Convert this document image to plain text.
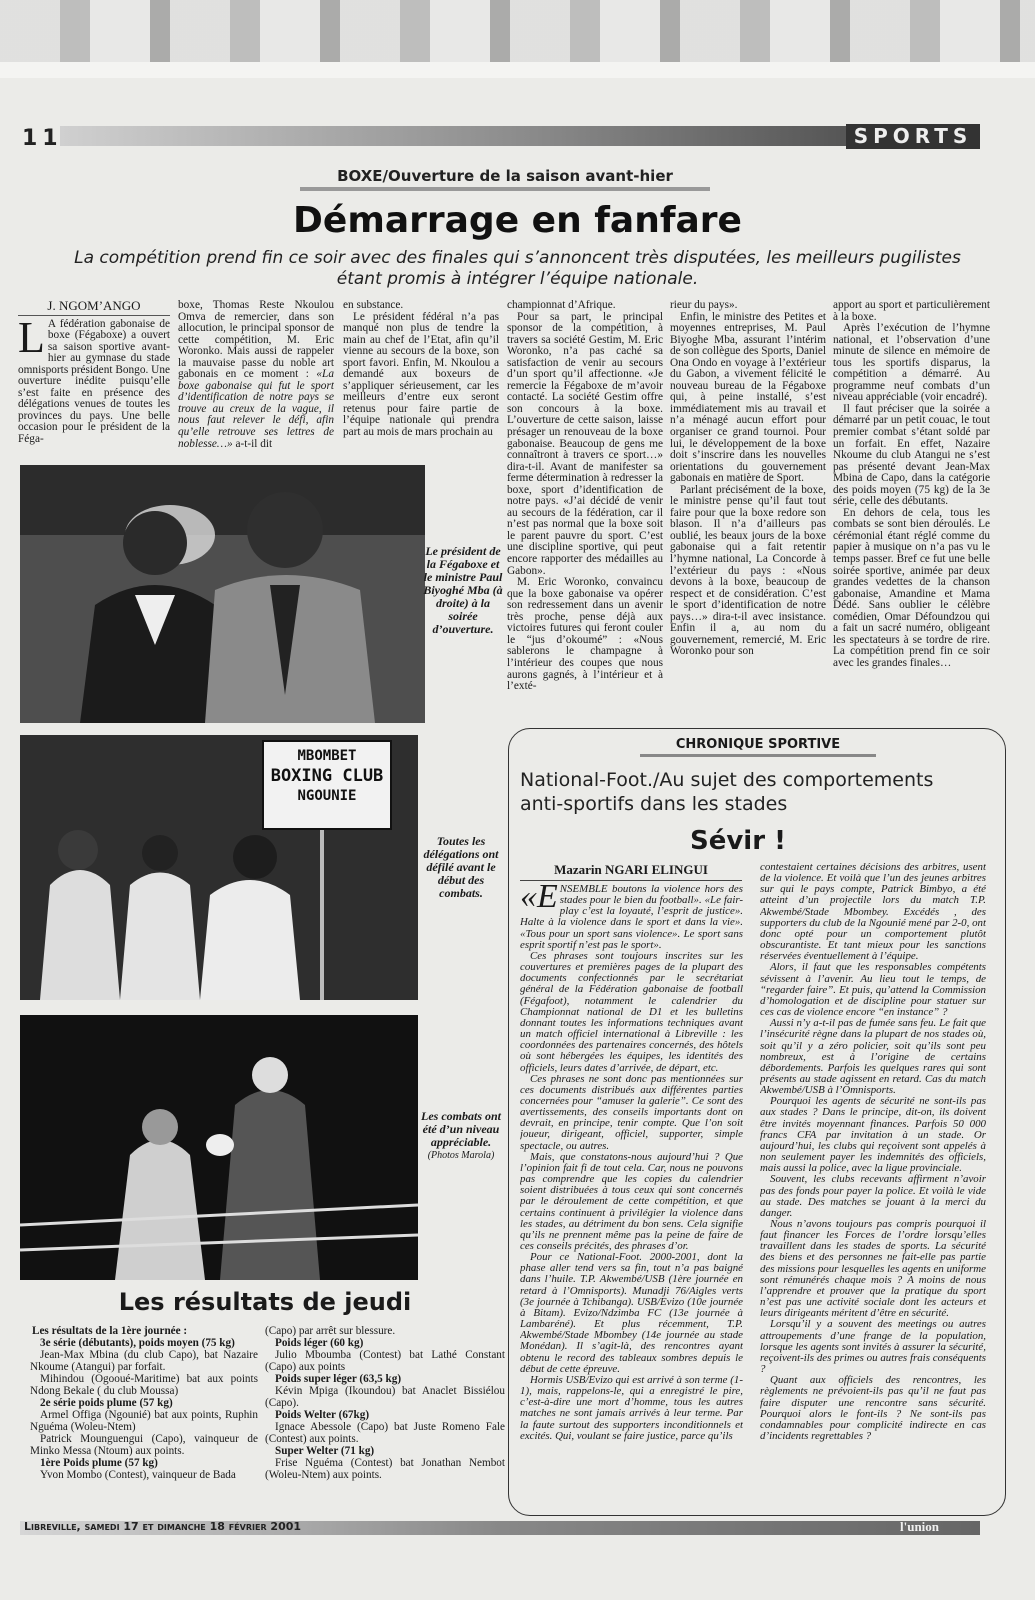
11	SPORTS
BOXE/Ouverture de la saison avant-hier
Démarrage en fanfare
La compétition prend fin ce soir avec des finales qui s’annoncent très disputées, les meilleurs pugilistes étant promis à intégrer l’équipe nationale.
J. NGOM’ANGO
L A fédération gabonaise de boxe (Fégaboxe) a ouvert sa saison sportive avant-hier au gymnase du stade omnisports président Bongo. Une ouverture inédite puisqu’elle s’est faite en présence des délégations venues de toutes les provinces du pays. Une belle occasion pour le président de la Féga-

boxe, Thomas Reste Nkoulou Omva de remercier, dans son allocution, le principal sponsor de cette compétition, M. Eric Woronko. Mais aussi de rappeler la mauvaise passe du noble art gabonais en ce moment : «La boxe gabonaise qui fut le sport d’identification de notre pays se trouve au creux de la vague, il nous faut relever le défi, afin qu’elle retrouve ses lettres de noblesse…» a-t-il dit

en substance.

Le président fédéral n’a pas manqué non plus de tendre la main au chef de l’Etat, afin qu’il vienne au secours de la boxe, son sport favori. Enfin, M. Nkoulou a demandé aux boxeurs de s’appliquer sérieusement, car les meilleurs d’entre eux seront retenus pour faire partie de l’équipe nationale qui prendra part au mois de mars prochain au

championnat d’Afrique.

Pour sa part, le principal sponsor de la compétition, à travers sa société Gestim, M. Eric Woronko, n’a pas caché sa satisfaction de venir au secours d’un sport qu’il affectionne. «Je remercie la Fégaboxe de m’avoir contacté. La société Gestim offre son concours à la boxe. L’ouverture de cette saison, laisse présager un renouveau de la boxe gabonaise. Beaucoup de gens me connaîtront à travers ce sport…» dira-t-il. Avant de manifester sa ferme détermination à redresser la boxe, sport d’identification de notre pays. «J’ai décidé de venir au secours de la fédération, car il n’est pas normal que la boxe soit le parent pauvre du sport. C’est une discipline sportive, qui peut encore rapporter des médailles au Gabon».

M. Eric Woronko, convaincu que la boxe gabonaise va opérer son redressement dans un avenir très proche, pense déjà aux victoires futures qui feront couler le “jus d’okoumé” : «Nous sablerons le champagne à l’intérieur des coupes que nous aurons gagnés, à l’intérieur et à l’exté-

rieur du pays».

Enfin, le ministre des Petites et moyennes entreprises, M. Paul Biyoghe Mba, assurant l’intérim de son collègue des Sports, Daniel Ona Ondo en voyage à l’extérieur du Gabon, a vivement félicité le nouveau bureau de la Fégaboxe qui, à peine installé, s’est immédiatement mis au travail et n’a ménagé aucun effort pour organiser ce grand tournoi. Pour lui, le développement de la boxe doit s’inscrire dans les nouvelles orientations du gouvernement gabonais en matière de Sport.

Parlant précisément de la boxe, le ministre pense qu’il faut tout faire pour que la boxe redore son blason. Il n’a d’ailleurs pas oublié, les beaux jours de la boxe gabonaise qui a fait retentir l’hymne national, La Concorde à l’extérieur du pays : «Nous devons à la boxe, beaucoup de respect et de considération. C’est le sport d’identification de notre pays…» dira-t-il avec insistance. Enfin il a, au nom du gouvernement, remercié, M. Eric Woronko pour son

apport au sport et particulièrement à la boxe.

Après l’exécution de l’hymne national, et l’observation d’une minute de silence en mémoire de tous les sportifs disparus, la compétition a démarré. Au programme neuf combats d’un niveau appréciable (voir encadré).

Il faut préciser que la soirée a démarré par un petit couac, le tout premier combat s’étant soldé par un forfait. En effet, Nazaire Nkoume du club Atangui ne s’est pas présenté devant Jean-Max Mbina de Capo, dans la catégorie des poids moyen (75 kg) de la 3e série, celle des débutants.

En dehors de cela, tous les combats se sont bien déroulés. Le cérémonial étant réglé comme du papier à musique on n’a pas vu le temps passer. Bref ce fut une belle soirée sportive, animée par deux grandes vedettes de la chanson gabonaise, Amandine et Mama Dédé. Sans oublier le célèbre comédien, Omar Défoundzou qui a fait un sacré numéro, obligeant les spectateurs à se tordre de rire. La compétition prend fin ce soir avec les grandes finales…

Le président de la Fégaboxe et le ministre Paul Biyoghé Mba (à droite) à la soirée d’ouverture.
MBOMBET
BOXING CLUB
NGOUNIE
Toutes les délégations ont défilé avant le début des combats.
Les combats ont été d’un niveau appréciable.
(Photos Marola)
Les résultats de jeudi
Les résultats de la 1ère journée :
3e série (débutants), poids moyen (75 kg)
Jean-Max Mbina (du club Capo), bat Nazaire Nkoume (Atangui) par forfait.
Mihindou (Ogooué-Maritime) bat aux points Ndong Bekale ( du club Moussa)
2e série poids plume (57 kg)
Armel Offiga (Ngounié) bat aux points, Ruphin Nguéma (Woleu-Ntem)
Patrick Mounguengui (Capo), vainqueur de Minko Messa (Ntoum) aux points.
1ère Poids plume (57 kg)
Yvon Mombo (Contest), vainqueur de Bada
(Capo) par arrêt sur blessure.
Poids léger (60 kg)
Julio Mboumba (Contest) bat Lathé Constant (Capo) aux points
Poids super léger (63,5 kg)
Kévin Mpiga (Ikoundou) bat Anaclet Bissiélou (Capo).
Poids Welter (67kg)
Ignace Abessole (Capo) bat Juste Romeno Fale (Contest) aux points.
Super Welter (71 kg)
Frise Nguéma (Contest) bat Jonathan Nembot (Woleu-Ntem) aux points.
CHRONIQUE SPORTIVE
National-Foot./Au sujet des comportements anti-sportifs dans les stades
Sévir !
Mazarin NGARI ELINGUI

«E NSEMBLE boutons la violence hors des stades pour le bien du football». «Le fair-play c’est la loyauté, l’esprit de justice». Halte à la violence dans le sport et dans la vie». «Tous pour un sport sans violence». Le sport sans esprit sportif n’est pas le sport».

Ces phrases sont toujours inscrites sur les couvertures et premières pages de la plupart des documents confectionnés par le secrétariat général de la Fédération gabonaise de football (Fégafoot), notamment le calendrier du Championnat national de D1 et les bulletins donnant toutes les informations techniques avant un match officiel international à Libreville : les coordonnées des partenaires concernés, des hôtels où sont hébergées les équipes, les identités des officiels, leurs dates d’arrivée, de départ, etc.

Ces phrases ne sont donc pas mentionnées sur ces documents distribués aux différentes parties concernées pour “amuser la galerie”. Ce sont des avertissements, des conseils importants dont on devrait, en principe, tenir compte. Que l’on soit joueur, dirigeant, officiel, supporter, simple spectacle, ou autres.

Mais, que constatons-nous aujourd’hui ? Que l’opinion fait fi de tout cela. Car, nous ne pouvons pas comprendre que les copies du calendrier soient distribuées à tous ceux qui sont concernés par le déroulement de cette compétition, et que certains continuent à privilégier la violence dans les stades, au détriment du bon sens. Cela signifie qu’ils ne prennent même pas la peine de faire de ces conseils précités, des phrases d’or.

Pour ce National-Foot. 2000-2001, dont la phase aller tend vers sa fin, tout n’a pas baigné dans l’huile. T.P. Akwembé/USB (1ère journée en retard à l’Omnisports). Munadji 76/Aigles verts (3e journée à Tchibanga). USB/Evizo (10e journée à Bitam). Evizo/Ndzimba FC (13e journée à Lambaréné). Et plus récemment, T.P. Akwembé/Stade Mbombey (14e journée au stade Monédan). Il s’agit-là, des rencontres ayant obtenu le record des tableaux sombres depuis le début de cette épreuve.

Hormis USB/Evizo qui est arrivé à son terme (1-1), mais, rappelons-le, qui a enregistré le pire, c’est-à-dire une mort d’homme, tous les autres matches ne sont jamais arrivés à leur terme. Par la faute surtout des supporters inconditionnels et excités. Qui, voulant se faire justice, parce qu’ils

contestaient certaines décisions des arbitres, usent de la violence. Et voilà que l’un des jeunes arbitres sur qui le pays compte, Patrick Bimbyo, a été atteint d’un projectile lors du match T.P. Akwembé/Stade Mbombey. Excédés , des supporters du club de la Ngounié mené par 2-0, ont donc opté pour un comportement plutôt obscurantiste. Et tant mieux pour les sanctions réservées éventuellement à l’équipe.

Alors, il faut que les responsables compétents sévissent à l’avenir. Au lieu tout le temps, de “regarder faire”. Et puis, qu’attend la Commission d’homologation et de discipline pour statuer sur ces cas de violence encore “en instance” ?

Aussi n’y a-t-il pas de fumée sans feu. Le fait que l’insécurité règne dans la plupart de nos stades où, soit qu’il y a zéro policier, soit qu’ils sont peu nombreux, est à l’origine de certains débordements. Parfois les quelques rares qui sont présents au stade agissent en retard. Cas du match Akwembé/USB à l’Omnisports.

Pourquoi les agents de sécurité ne sont-ils pas aux stades ? Dans le principe, dit-on, ils doivent être invités moyennant finances. Parfois 50 000 francs CFA par invitation à un stade. Or aujourd’hui, les clubs qui reçoivent sont appelés à non seulement payer les indemnités des officiels, mais aussi la police, avec la ligue provinciale.

Souvent, les clubs recevants affirment n’avoir pas des fonds pour payer la police. Et voilà le vide au stade. Des matches se jouant à la merci du danger.

Nous n’avons toujours pas compris pourquoi il faut financer les Forces de l’ordre lorsqu’elles travaillent dans les stades de sports. La sécurité des biens et des personnes ne fait-elle pas partie des missions pour lesquelles les agents en uniforme sont rémunérés chaque mois ? A moins de nous l’apprendre et prouver que la pratique du sport n’est pas une activité sociale dont les acteurs et leurs dirigeants méritent d’être en sécurité.

Lorsqu’il y a souvent des meetings ou autres attroupements d’une frange de la population, lorsque les agents sont invités à assurer la sécurité, reçoivent-ils des primes ou autres frais conséquents ?

Quant aux officiels des rencontres, les règlements ne prévoient-ils pas qu’il ne faut pas faire disputer une rencontre sans sécurité. Pourquoi alors le font-ils ? Ne sont-ils pas condamnables pour complicité indirecte en cas d’incidents regrettables ?

Libreville, samedi 17 et dimanche 18 février 2001	l'union
